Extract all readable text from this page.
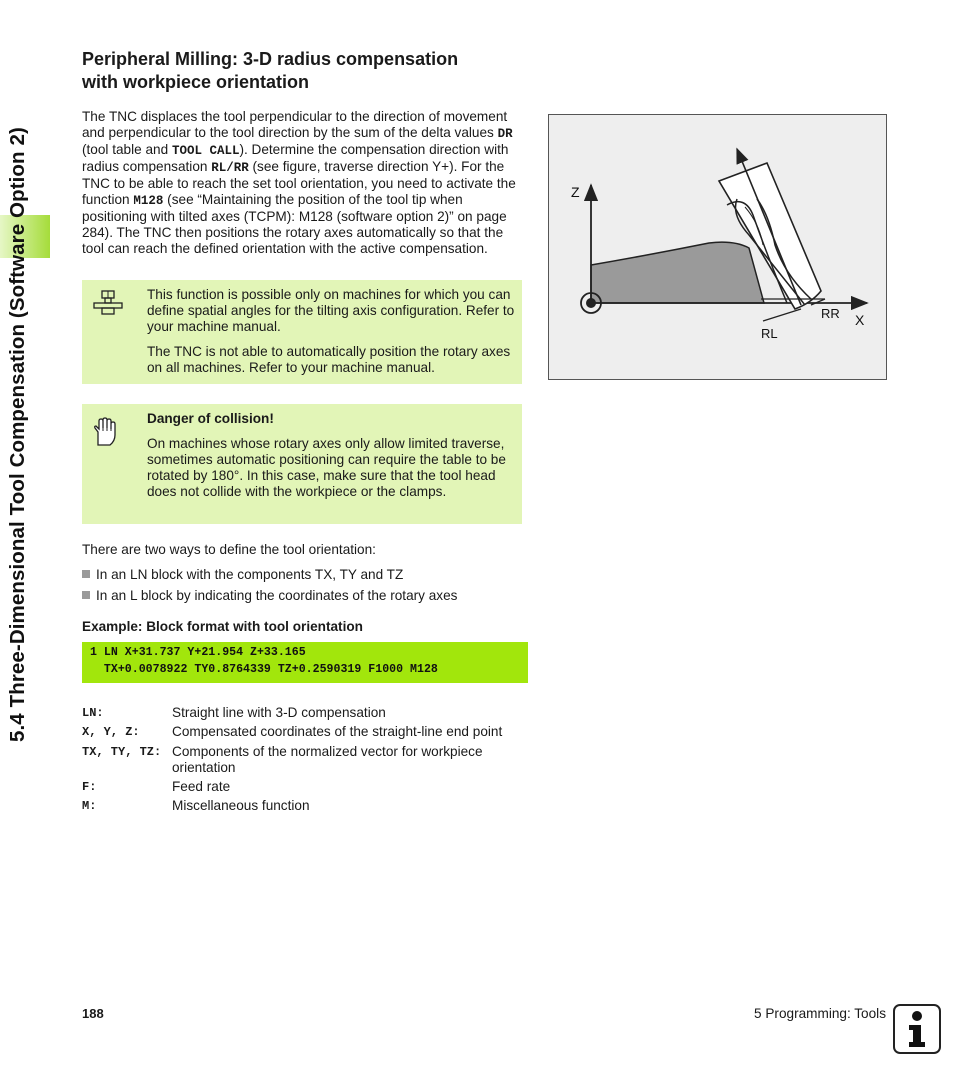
5.4 Three-Dimensional Tool Compensation (Software Option 2)
Peripheral Milling: 3-D radius compensation
with workpiece orientation

The TNC displaces the tool perpendicular to the direction of movement and perpendicular to the tool direction by the sum of the delta values DR (tool table and TOOL CALL). Determine the compensation direction with radius compensation RL/RR (see figure, traverse direction Y+). For the TNC to be able to reach the set tool orientation, you need to activate the function M128 (see “Maintaining the position of the tool tip when positioning with tilted axes (TCPM): M128 (software option 2)” on page 284). The TNC then positions the rotary axes automatically so that the tool can reach the defined orientation with the active compensation.

This function is possible only on machines for which you can define spatial angles for the tilting axis configuration. Refer to your machine manual.

The TNC is not able to automatically position the rotary axes on all machines. Refer to your machine manual.

Danger of collision!

On machines whose rotary axes only allow limited traverse, sometimes automatic positioning can require the table to be rotated by 180°. In this case, make sure that the tool head does not collide with the workpiece or the clamps.

There are two ways to define the tool orientation:

In an LN block with the components TX, TY and TZ
In an L block by indicating the coordinates of the rotary axes

Example: Block format with tool orientation

1 LN X+31.737 Y+21.954 Z+33.165
TX+0.0078922 TY0.8764339 TZ+0.2590319 F1000 M128
LN:	Straight line with 3-D compensation
X, Y, Z: Compensated coordinates of the straight-line end point
TX, TY, TZ: Components of the normalized vector for workpiece orientation
F:	Feed rate
M:	Miscellaneous function
Z
X
RR
RL
188	5 Programming: Tools
